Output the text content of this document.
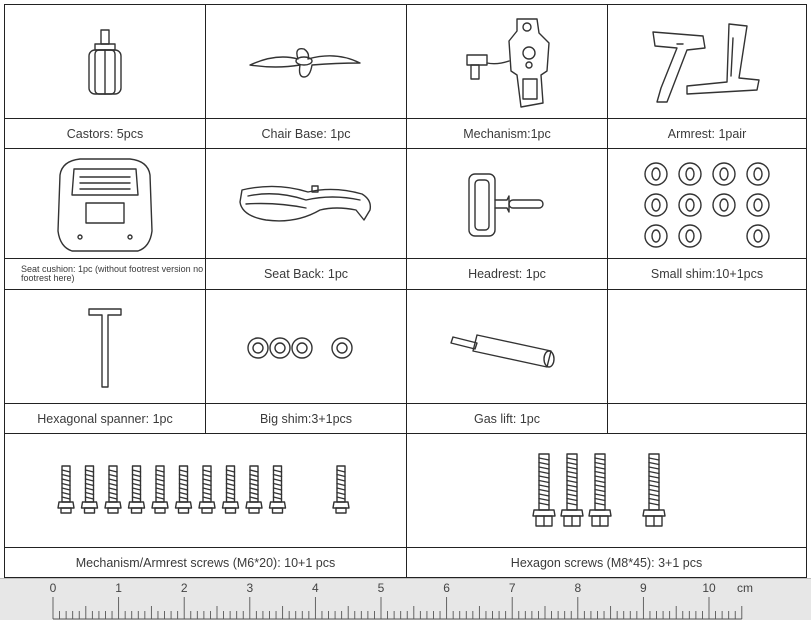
Castors: 5pcs	Chair Base: 1pc	Mechanism:1pc	Armrest: 1pair
Seat cushion: 1pc (without footrest version no footrest here)	Seat Back: 1pc	Headrest: 1pc	Small shim:10+1pcs
Hexagonal spanner: 1pc	Big shim:3+1pcs	Gas lift: 1pc
Mechanism/Armrest screws (M6*20): 10+1 pcs	Hexagon screws (M8*45): 3+1 pcs
0	1	2	3	4	5	6	7	8	9	10 cm
